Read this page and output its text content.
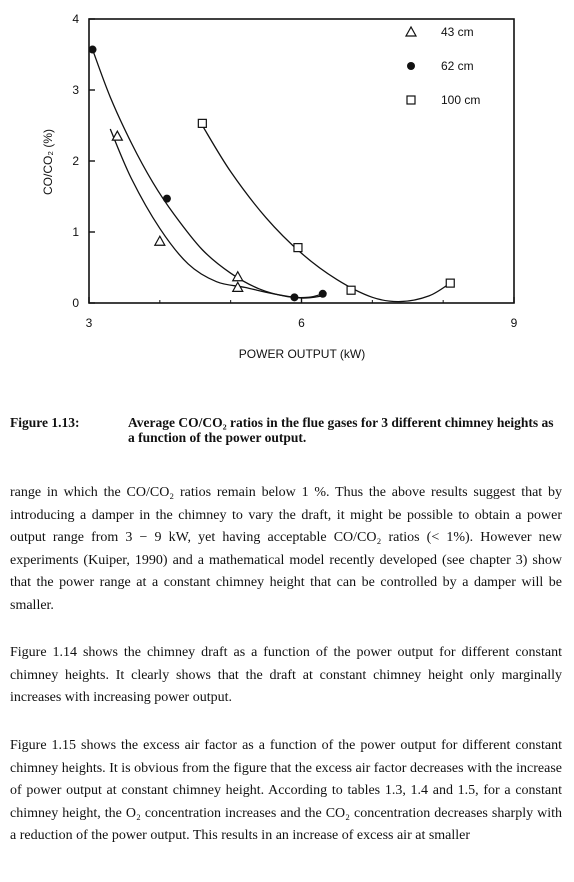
0
1
2
3
4
3	6	9
43 cm
62 cm
100 cm
POWER OUTPUT (kW)
CO/CO₂ (%)
Figure 1.13:	Average CO/CO₂ ratios in the flue gases for 3 different chimney heights as a function of the power output.

range in which the CO/CO₂ ratios remain below 1 %. Thus the above results suggest that by introducing a damper in the chimney to vary the draft, it might be possible to obtain a power output range from 3 − 9 kW, yet having acceptable CO/CO₂ ratios (< 1%). However new experiments (Kuiper, 1990) and a mathematical model recently developed (see chapter 3) show that the power range at a constant chimney height that can be controlled by a damper will be smaller.

Figure 1.14 shows the chimney draft as a function of the power output for different constant chimney heights. It clearly shows that the draft at constant chimney height only marginally increases with increasing power output.

Figure 1.15 shows the excess air factor as a function of the power output for different constant chimney heights. It is obvious from the figure that the excess air factor decreases with the increase of power output at constant chimney height. According to tables 1.3, 1.4 and 1.5, for a constant chimney height, the O₂ concentration increases and the CO₂ concentration decreases sharply with a reduction of the power output. This results in an increase of excess air at smaller
